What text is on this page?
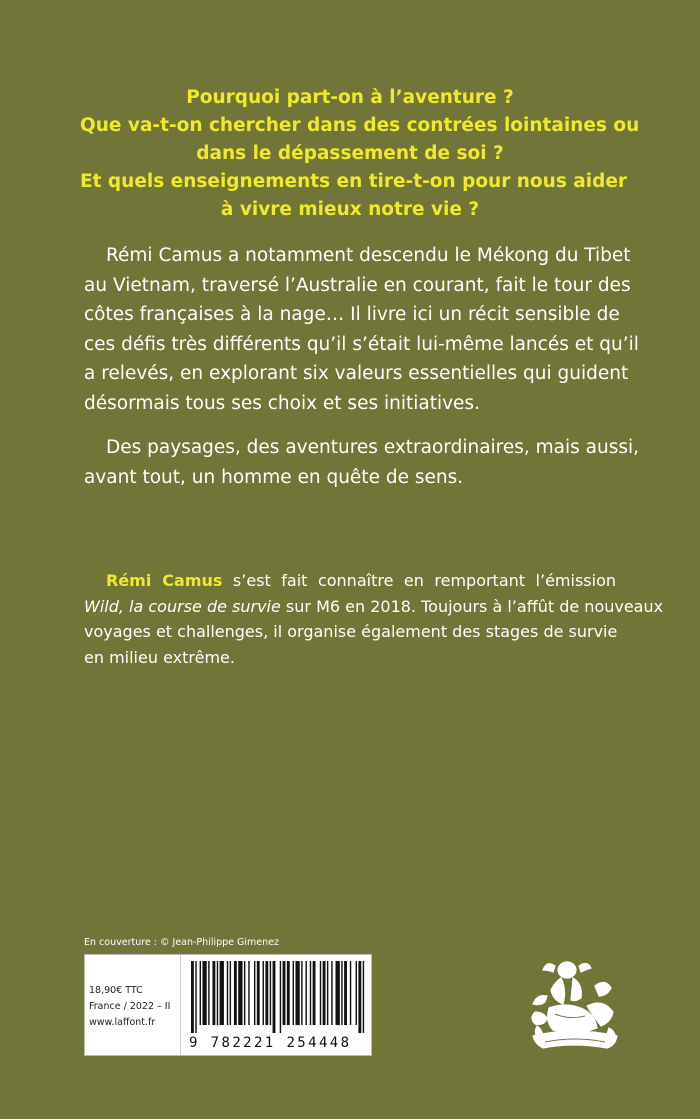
Pourquoi part-on à l’aventure ?
Que va-t-on chercher dans des contrées lointaines ou
dans le dépassement de soi ?
Et quels enseignements en tire-t-on pour nous aider
à vivre mieux notre vie ?
Rémi Camus a notamment descendu le Mékong du Tibet
au Vietnam, traversé l’Australie en courant, fait le tour des
côtes françaises à la nage… Il livre ici un récit sensible de
ces défis très différents qu’il s’était lui-même lancés et qu’il
a relevés, en explorant six valeurs essentielles qui guident
désormais tous ses choix et ses initiatives.
Des paysages, des aventures extraordinaires, mais aussi,
avant tout, un homme en quête de sens.
Rémi Camus s’est fait connaître en remportant l’émission
Wild, la course de survie sur M6 en 2018. Toujours à l’affût de nouveaux
voyages et challenges, il organise également des stages de survie
en milieu extrême.
En couverture : © Jean-Philippe Gimenez
18,90€ TTC
France / 2022 – II
www.laffont.fr
9 782221 254448
